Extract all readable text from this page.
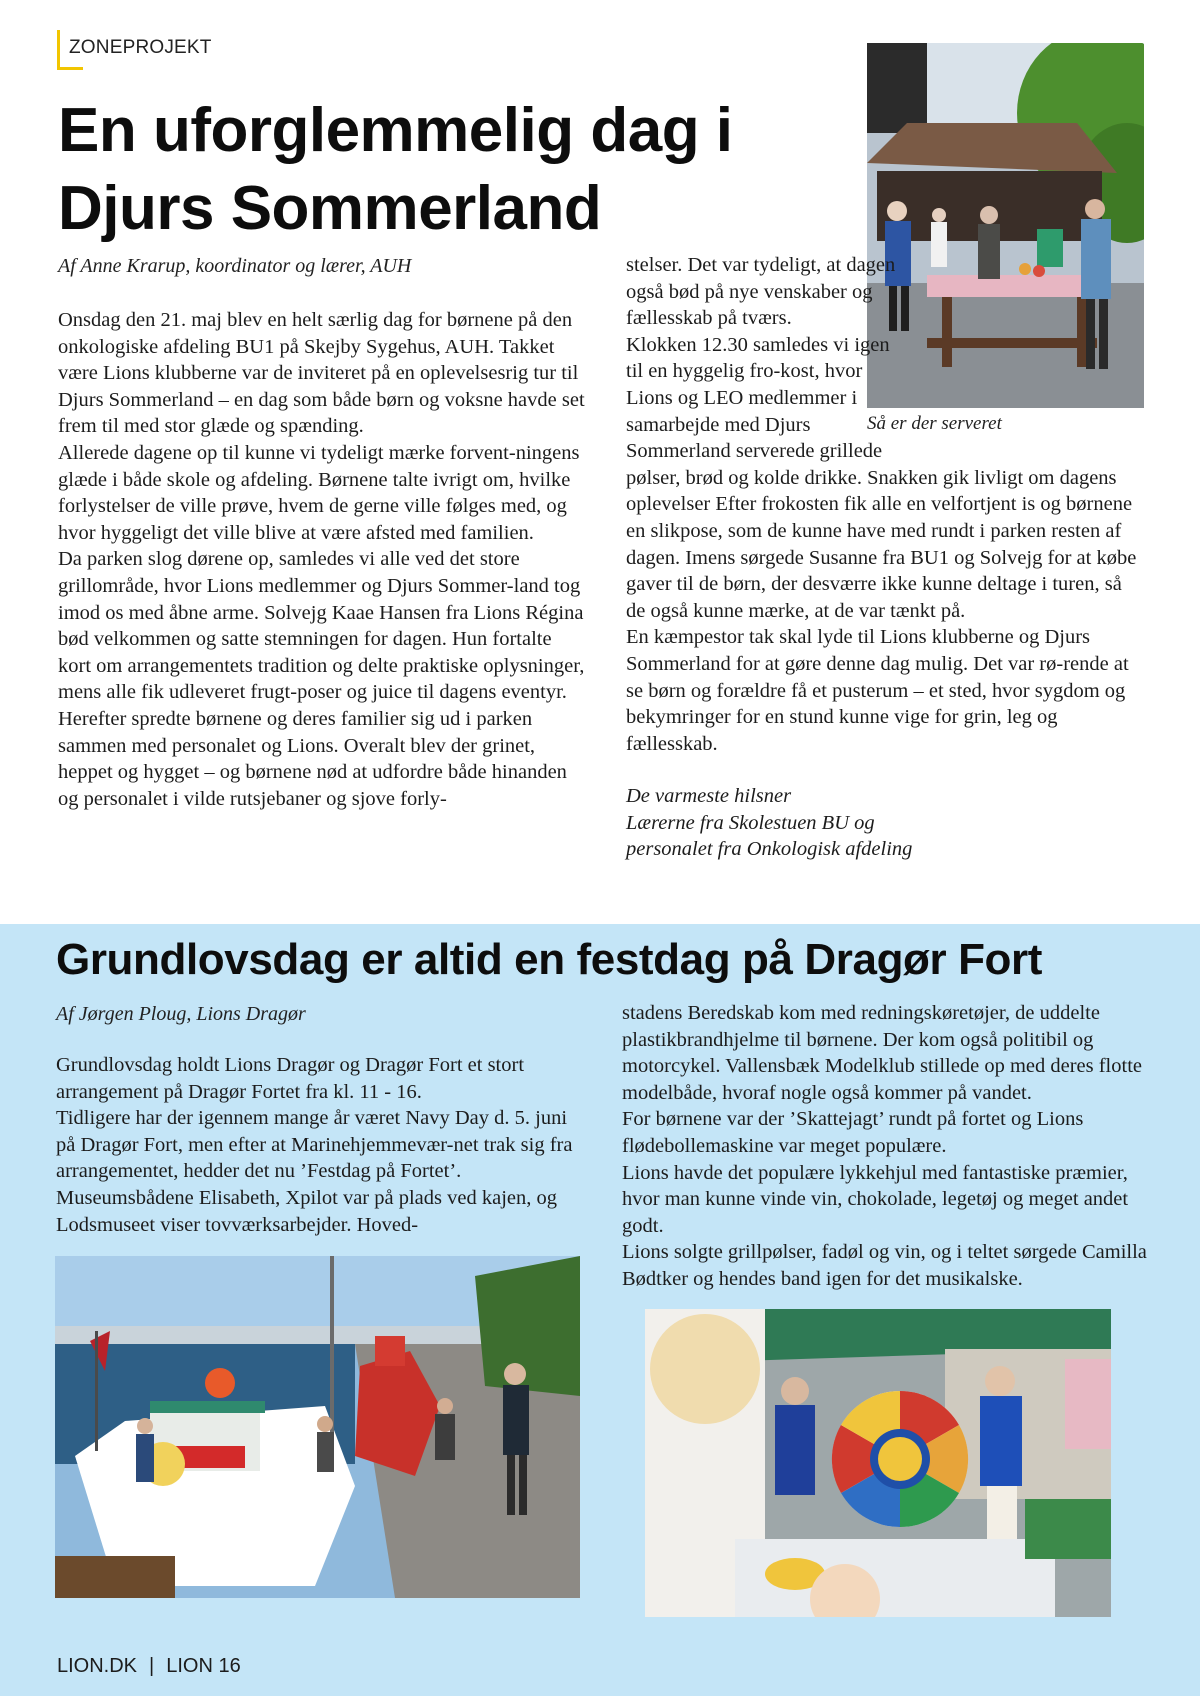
ZONEPROJEKT
En uforglemmelig dag i Djurs Sommerland

Så er der serveret

Af Anne Krarup, koordinator og lærer, AUH

Onsdag den 21. maj blev en helt særlig dag for børnene på den onkologiske afdeling BU1 på Skejby Sygehus, AUH. Takket være Lions klubberne var de inviteret på en oplevelsesrig tur til Djurs Sommerland – en dag som både børn og voksne havde set frem til med stor glæde og spænding.

Allerede dagene op til kunne vi tydeligt mærke forvent-ningens glæde i både skole og afdeling. Børnene talte ivrigt om, hvilke forlystelser de ville prøve, hvem de gerne ville følges med, og hvor hyggeligt det ville blive at være afsted med familien.

Da parken slog dørene op, samledes vi alle ved det store grillområde, hvor Lions medlemmer og Djurs Sommer-land tog imod os med åbne arme. Solvejg Kaae Hansen fra Lions Régina bød velkommen og satte stemningen for dagen. Hun fortalte kort om arrangementets tradition og delte praktiske oplysninger, mens alle fik udleveret frugt-poser og juice til dagens eventyr.

Herefter spredte børnene og deres familier sig ud i parken sammen med personalet og Lions. Overalt blev der grinet, heppet og hygget – og børnene nød at udfordre både hinanden og personalet i vilde rutsjebaner og sjove forly-

stelser. Det var tydeligt, at dagen også bød på nye venskaber og fællesskab på tværs.

Klokken 12.30 samledes vi igen til en hyggelig fro-kost, hvor Lions og LEO medlemmer i samarbejde med Djurs Sommerland serverede grillede pølser, brød og kolde drikke. Snakken gik livligt om dagens oplevelser Efter frokosten fik alle en velfortjent is og børnene en slikpose, som de kunne have med rundt i parken resten af dagen. Imens sørgede Susanne fra BU1 og Solvejg for at købe gaver til de børn, der desværre ikke kunne deltage i turen, så de også kunne mærke, at de var tænkt på.

En kæmpestor tak skal lyde til Lions klubberne og Djurs Sommerland for at gøre denne dag mulig. Det var rø-rende at se børn og forældre få et pusterum – et sted, hvor sygdom og bekymringer for en stund kunne vige for grin, leg og fællesskab.

De varmeste hilsner

Lærerne fra Skolestuen BU og

personalet fra Onkologisk afdeling

Grundlovsdag er altid en festdag på Dragør Fort

Af Jørgen Ploug, Lions Dragør

Grundlovsdag holdt Lions Dragør og Dragør Fort et stort arrangement på Dragør Fortet fra kl. 11 - 16.

Tidligere har der igennem mange år været Navy Day d. 5. juni på Dragør Fort, men efter at Marinehjemmevær-net trak sig fra arrangementet, hedder det nu ’Festdag på Fortet’. Museumsbådene Elisabeth, Xpilot var på plads ved kajen, og Lodsmuseet viser tovværksarbejder. Hoved-

stadens Beredskab kom med redningskøretøjer, de uddelte plastikbrandhjelme til børnene. Der kom også politibil og motorcykel. Vallensbæk Modelklub stillede op med deres flotte modelbåde, hvoraf nogle også kommer på vandet.

For børnene var der ’Skattejagt’ rundt på fortet og Lions flødebollemaskine var meget populære.

Lions havde det populære lykkehjul med fantastiske præmier, hvor man kunne vinde vin, chokolade, legetøj og meget andet godt.

Lions solgte grillpølser, fadøl og vin, og i teltet sørgede Camilla Bødtker og hendes band igen for det musikalske.

LION.DK | LION 16
